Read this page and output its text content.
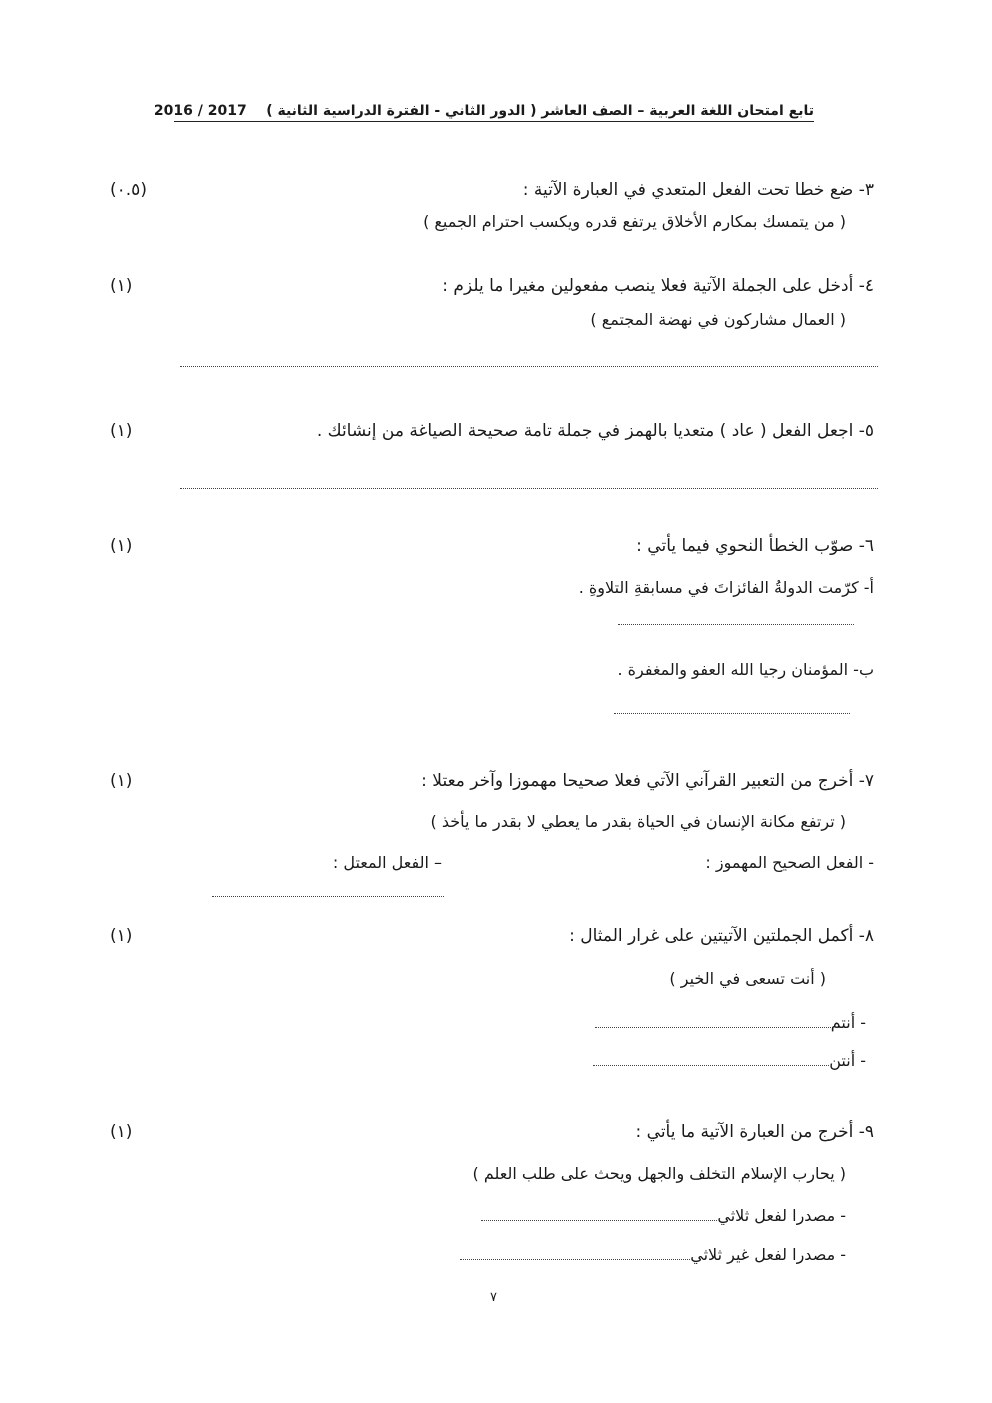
تابع امتحان اللغة العربية – الصف العاشر ( الدور الثاني - الفترة الدراسية الثانية )    2016 / 2017
٣- ضع خطا تحت الفعل المتعدي في العبارة الآتية :
(٠.٥)
( من يتمسك بمكارم الأخلاق يرتفع قدره ويكسب احترام الجميع )
٤- أدخل على الجملة الآتية فعلا ينصب مفعولين مغيرا ما يلزم :
(١)
( العمال مشاركون في نهضة المجتمع )
٥- اجعل الفعل ( عاد ) متعديا بالهمز في جملة تامة صحيحة الصياغة من إنشائك .
(١)
٦- صوّب الخطأ النحوي فيما يأتي :
(١)
أ- كرّمت الدولةُ الفائزاتَ في مسابقةِ التلاوةِ .
ب- المؤمنان رجيا الله العفو والمغفرة .
٧- أخرج من التعبير القرآني الآتي فعلا صحيحا مهموزا وآخر معتلا :
(١)
( ترتفع مكانة الإنسان في الحياة بقدر ما يعطي لا بقدر ما يأخذ )
- الفعل الصحيح المهموز :
– الفعل المعتل :
٨- أكمل الجملتين الآتيتين على غرار المثال :
(١)
( أنت تسعى في الخير )
- أنتم
- أنتن
٩- أخرج من العبارة الآتية ما يأتي :
(١)
( يحارب الإسلام التخلف والجهل ويحث على طلب العلم )
- مصدرا لفعل ثلاثي
- مصدرا لفعل غير ثلاثي
٧
